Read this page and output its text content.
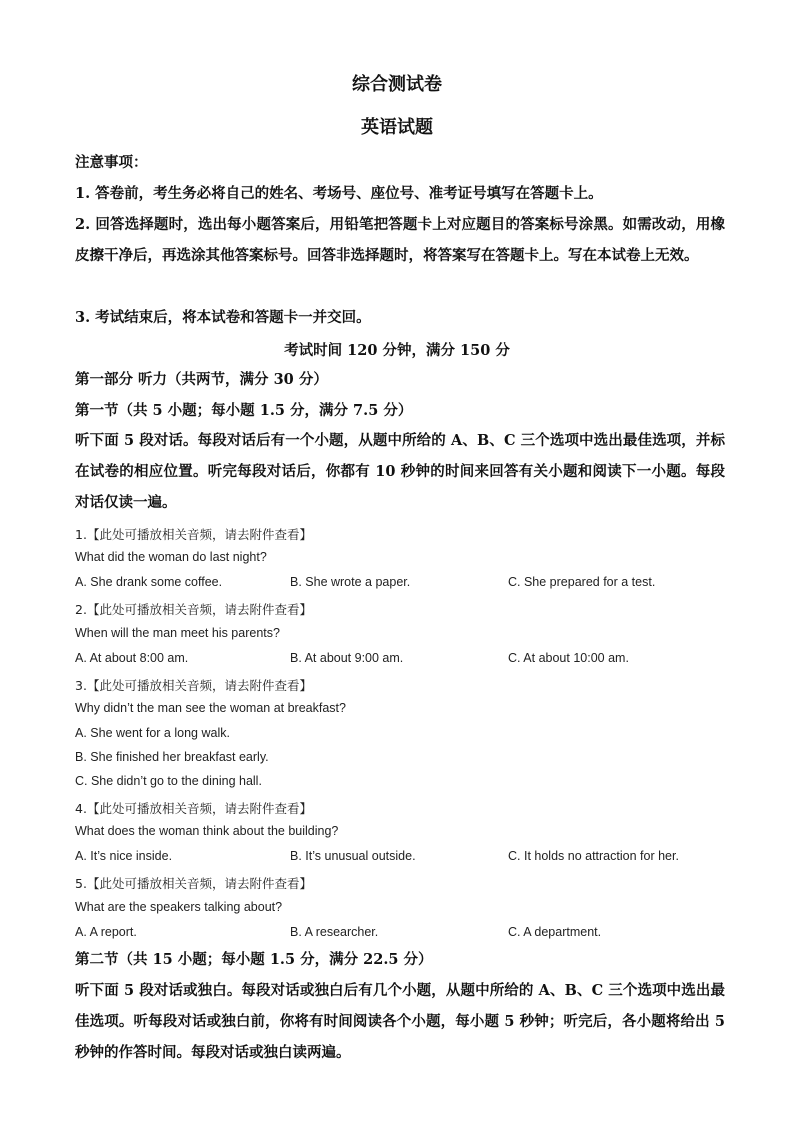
综合测试卷
英语试题
注意事项：
1. 答卷前，考生务必将自己的姓名、考场号、座位号、准考证号填写在答题卡上。
2. 回答选择题时，选出每小题答案后，用铅笔把答题卡上对应题目的答案标号涂黑。如需改动，用橡皮擦干净后，再选涂其他答案标号。回答非选择题时，将答案写在答题卡上。写在本试卷上无效。
3. 考试结束后，将本试卷和答题卡一并交回。
考试时间 120 分钟，满分 150 分
第一部分 听力（共两节，满分 30 分）
第一节（共 5 小题；每小题 1.5 分，满分 7.5 分）
听下面 5 段对话。每段对话后有一个小题，从题中所给的 A、B、C 三个选项中选出最佳选项，并标在试卷的相应位置。听完每段对话后，你都有 10 秒钟的时间来回答有关小题和阅读下一小题。每段对话仅读一遍。
1.【此处可播放相关音频，请去附件查看】
What did the woman do last night?
A. She drank some coffee.	B. She wrote a paper.	C. She prepared for a test.
2.【此处可播放相关音频，请去附件查看】
When will the man meet his parents?
A. At about 8:00 am.	B. At about 9:00 am.	C. At about 10:00 am.
3.【此处可播放相关音频，请去附件查看】
Why didn’t the man see the woman at breakfast?
A. She went for a long walk.
B. She finished her breakfast early.
C. She didn’t go to the dining hall.
4.【此处可播放相关音频，请去附件查看】
What does the woman think about the building?
A. It’s nice inside.	B. It’s unusual outside.	C. It holds no attraction for her.
5.【此处可播放相关音频，请去附件查看】
What are the speakers talking about?
A. A report.	B. A researcher.	C. A department.
第二节（共 15 小题；每小题 1.5 分，满分 22.5 分）
听下面 5 段对话或独白。每段对话或独白后有几个小题，从题中所给的 A、B、C 三个选项中选出最佳选项。听每段对话或独白前，你将有时间阅读各个小题，每小题 5 秒钟；听完后，各小题将给出 5 秒钟的作答时间。每段对话或独白读两遍。
